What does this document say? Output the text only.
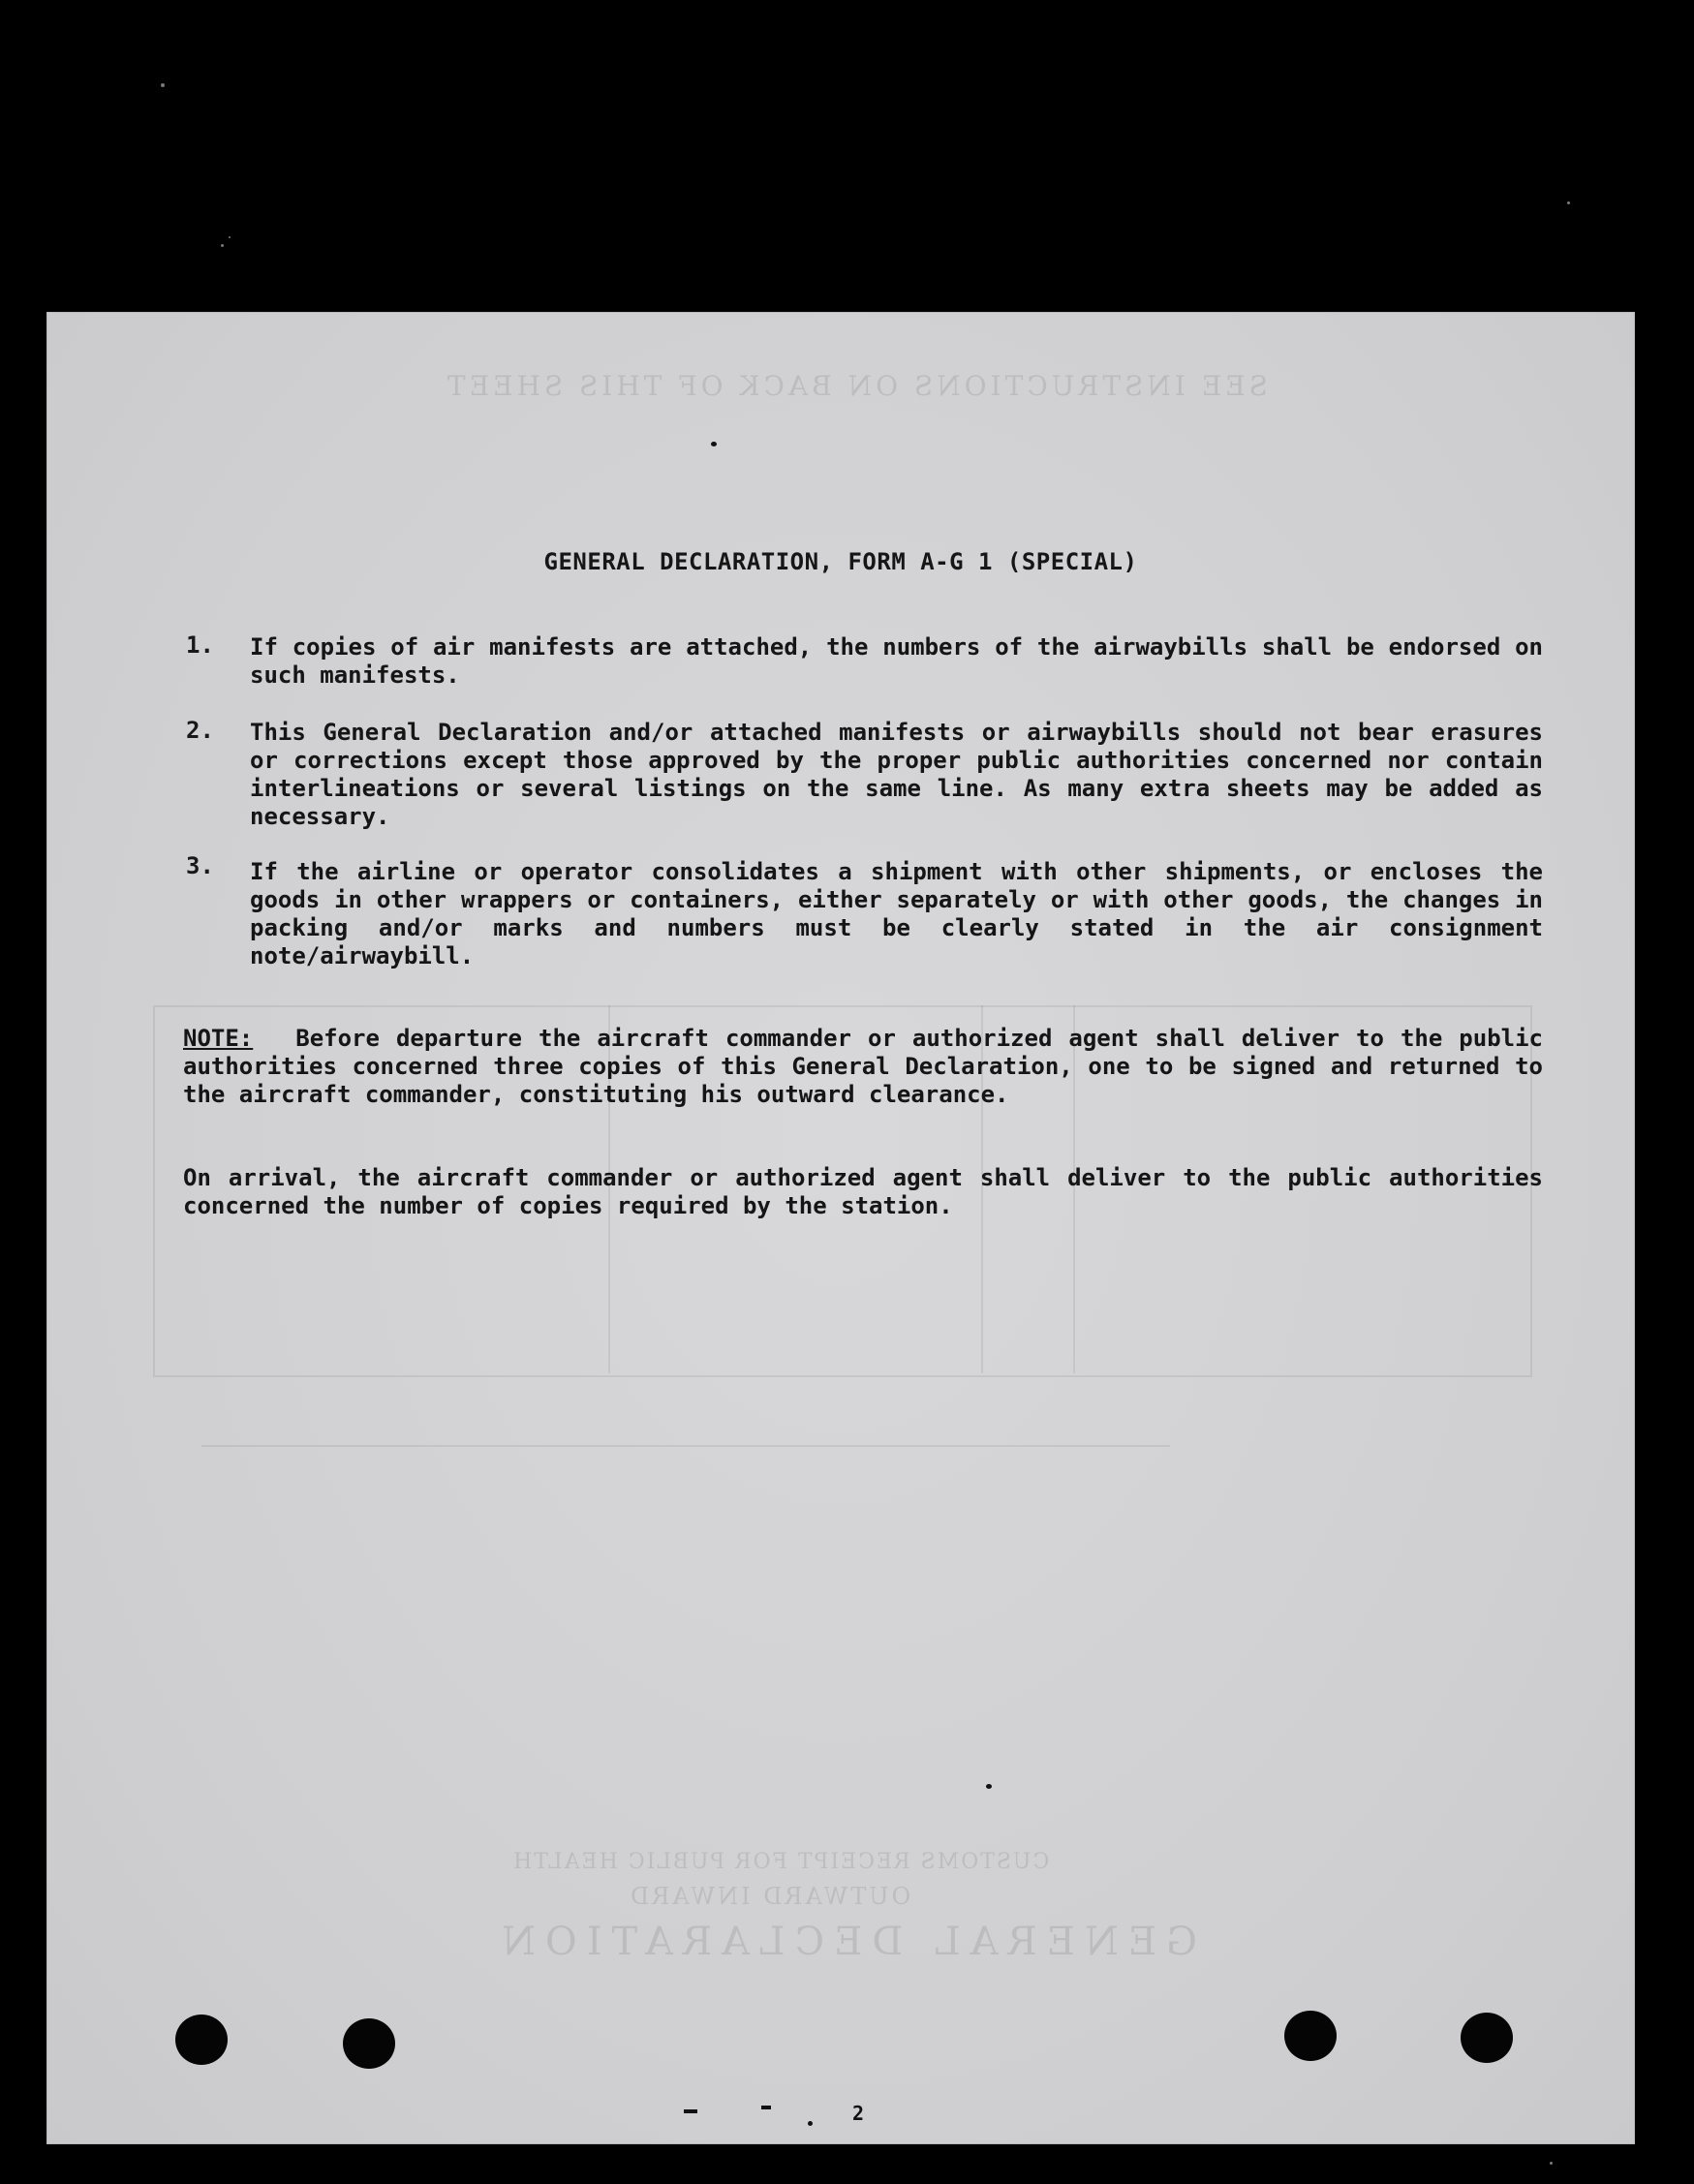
SEE INSTRUCTIONS ON BACK OF THIS SHEET
GENERAL DECLARATION
OUTWARD INWARD
CUSTOMS RECEIPT FOR PUBLIC HEALTH
GENERAL DECLARATION, FORM A-G 1 (SPECIAL)
1. If copies of air manifests are attached, the numbers of the airwaybills shall be endorsed on such manifests.
2. This General Declaration and/or attached manifests or airwaybills should not bear erasures or corrections except those approved by the proper public authorities concerned nor contain interlineations or several listings on the same line. As many extra sheets may be added as necessary.
3. If the airline or operator consolidates a shipment with other shipments, or encloses the goods in other wrappers or containers, either separately or with other goods, the changes in packing and/or marks and numbers must be clearly stated in the air consignment note/airwaybill.
NOTE: Before departure the aircraft commander or authorized agent shall deliver to the public authorities concerned three copies of this General Declaration, one to be signed and returned to the aircraft commander, constituting his outward clearance.
On arrival, the aircraft commander or authorized agent shall deliver to the public authorities concerned the number of copies required by the station.
2
